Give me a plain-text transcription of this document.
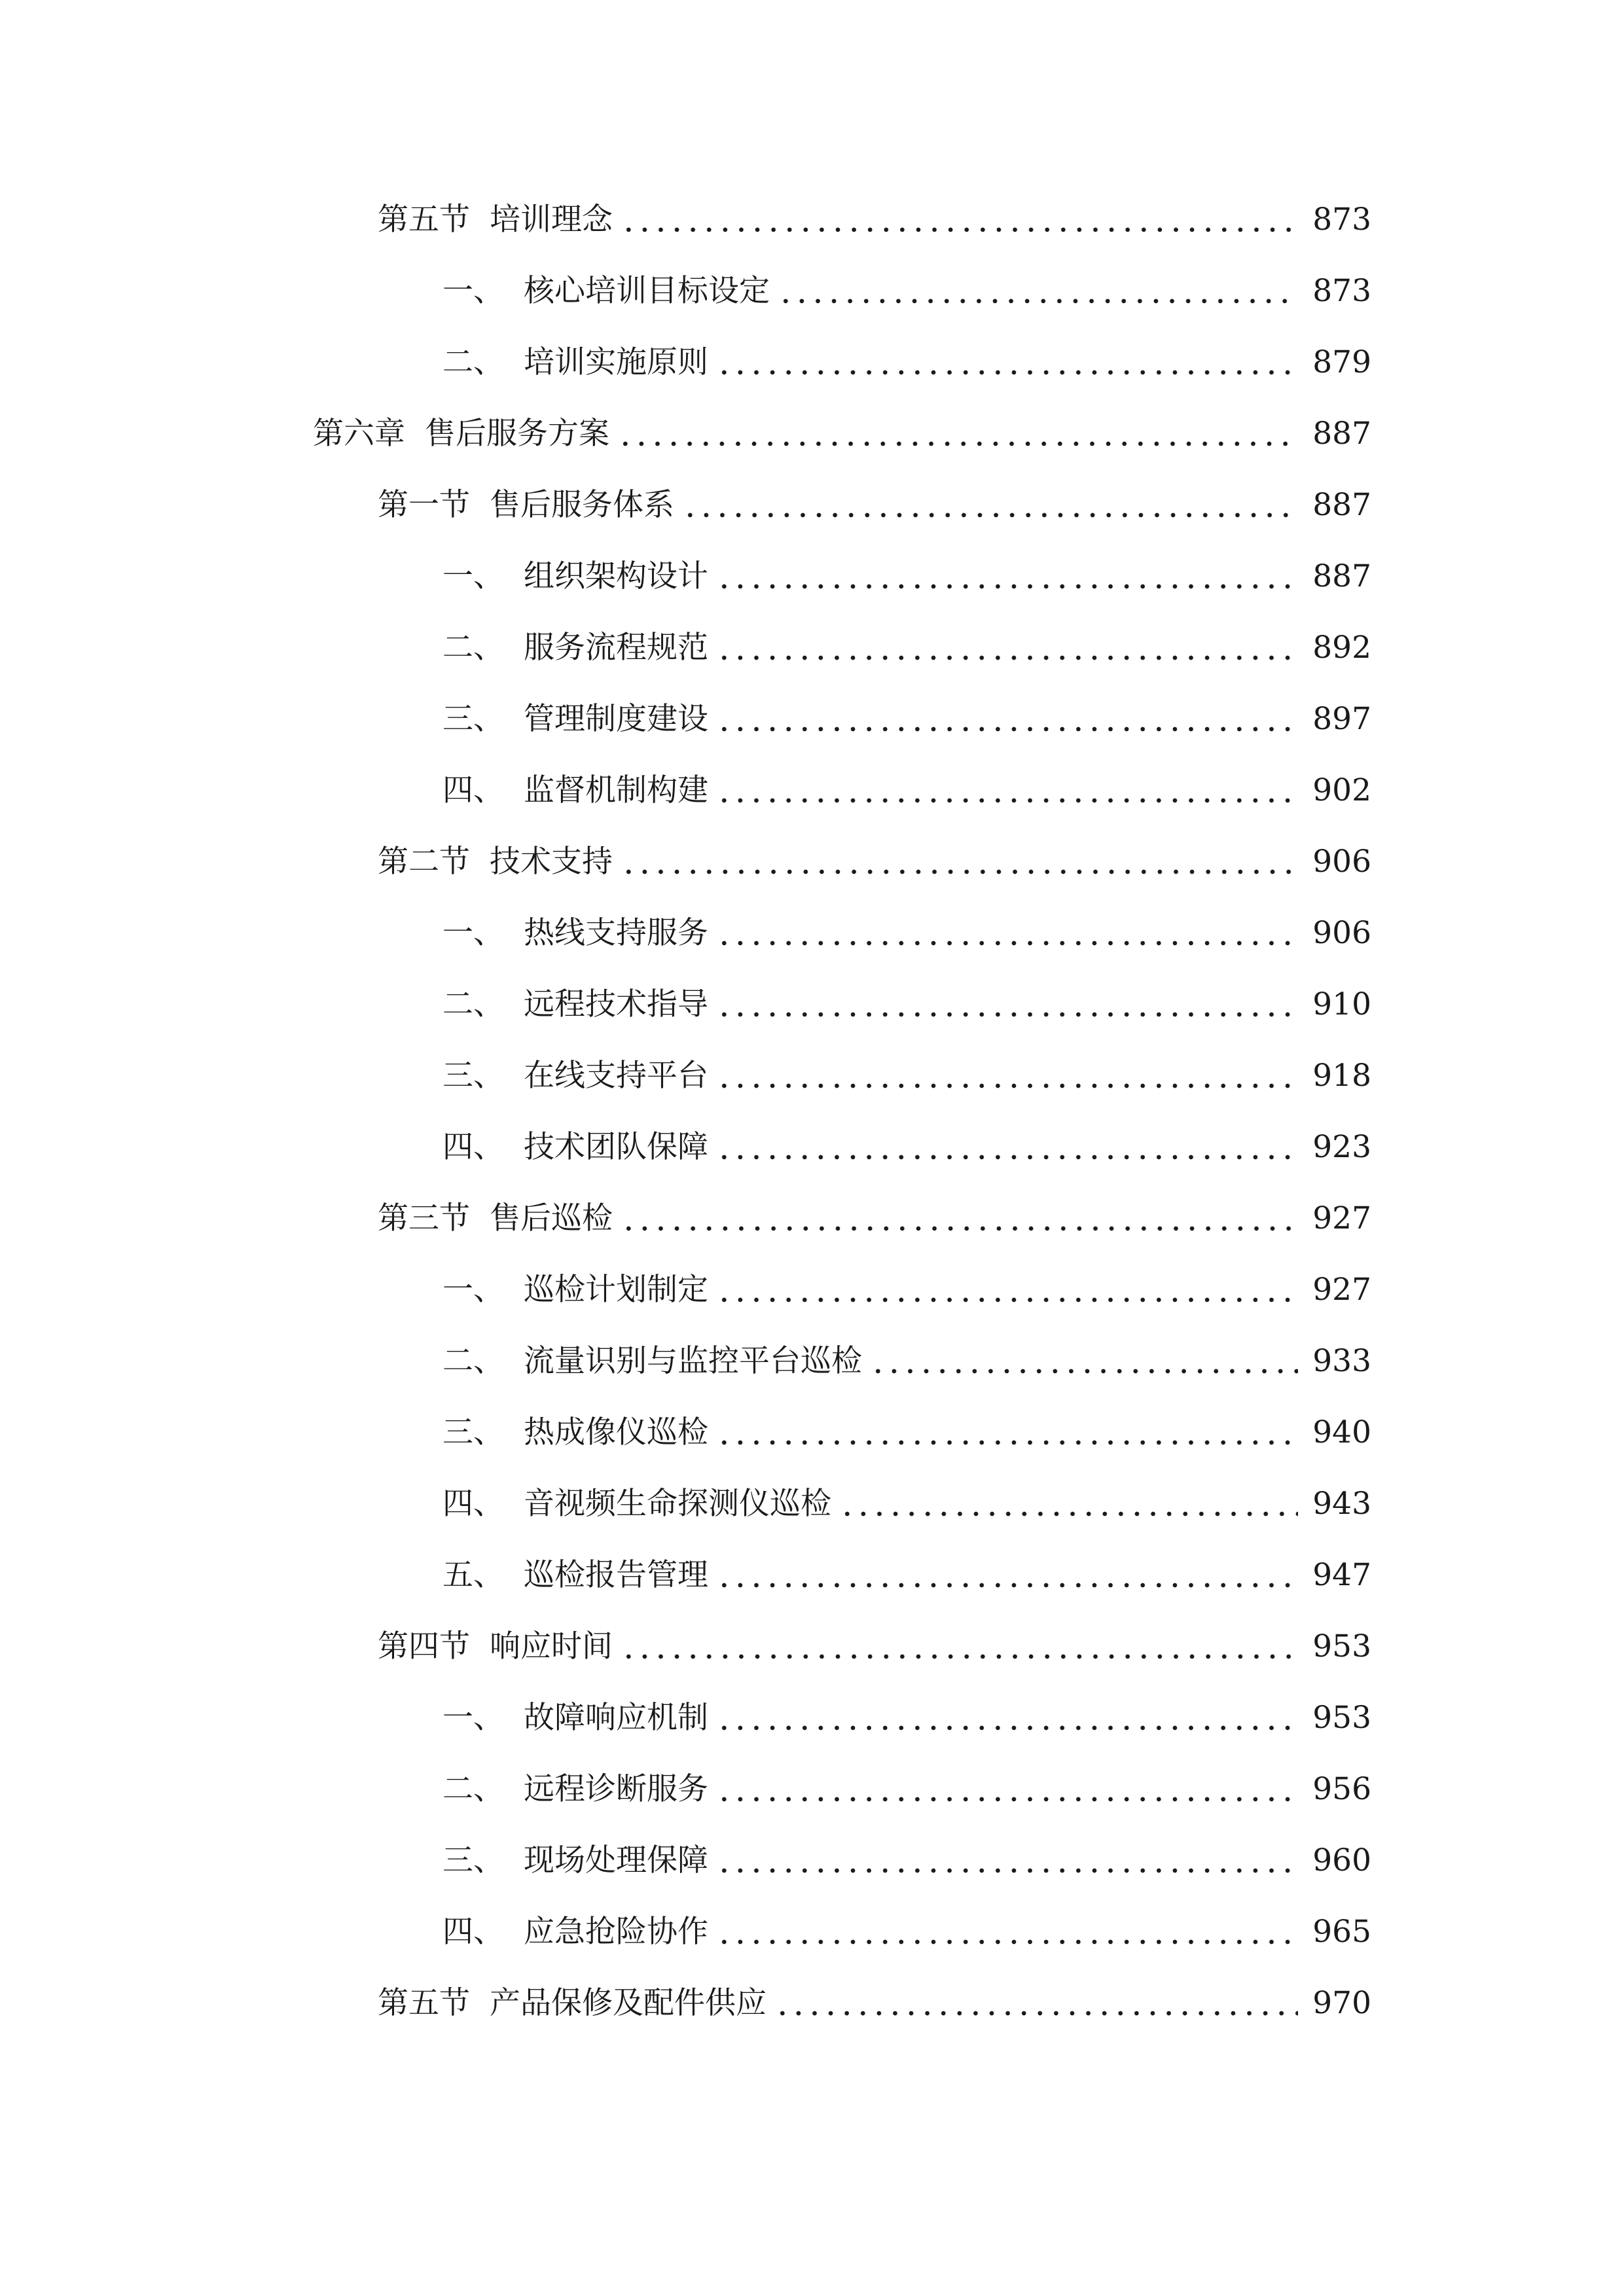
第五节 培训理念	873
一、 核心培训目标设定	873
二、 培训实施原则	879
第六章 售后服务方案	887
第一节 售后服务体系	887
一、 组织架构设计	887
二、 服务流程规范	892
三、 管理制度建设	897
四、 监督机制构建	902
第二节 技术支持	906
一、 热线支持服务	906
二、 远程技术指导	910
三、 在线支持平台	918
四、 技术团队保障	923
第三节 售后巡检	927
一、 巡检计划制定	927
二、 流量识别与监控平台巡检	933
三、 热成像仪巡检	940
四、 音视频生命探测仪巡检	943
五、 巡检报告管理	947
第四节 响应时间	953
一、 故障响应机制	953
二、 远程诊断服务	956
三、 现场处理保障	960
四、 应急抢险协作	965
第五节 产品保修及配件供应	970
